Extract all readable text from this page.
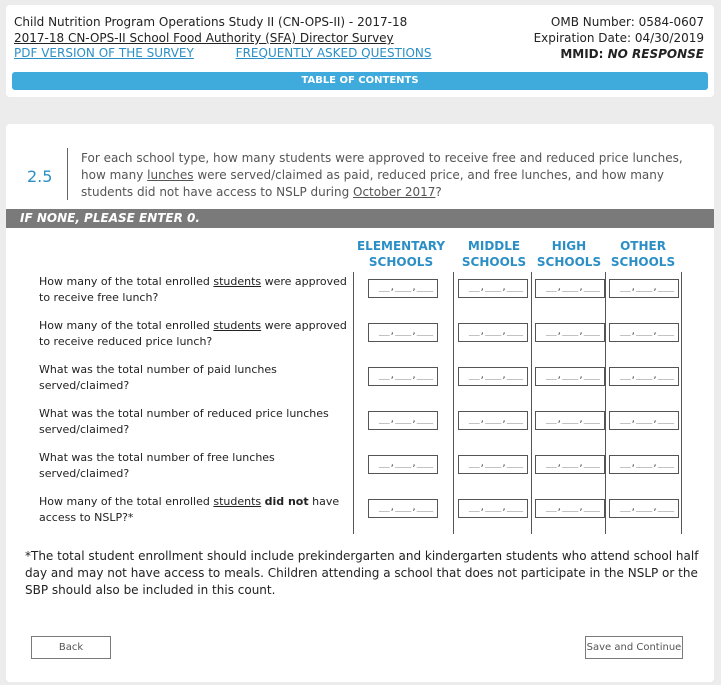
Child Nutrition Program Operations Study II (CN-OPS-II) - 2017-18
2017-18 CN-OPS-II School Food Authority (SFA) Director Survey
PDF VERSION OF THE SURVEY	FREQUENTLY ASKED QUESTIONS
OMB Number: 0584-0607
Expiration Date: 04/30/2019
MMID: NO RESPONSE
TABLE OF CONTENTS
2.5
For each school type, how many students were approved to receive free and reduced price lunches, how many lunches were served/claimed as paid, reduced price, and free lunches, and how many students did not have access to NSLP during October 2017?
IF NONE, PLEASE ENTER 0.
ELEMENTARY
SCHOOLS
MIDDLE
SCHOOLS
HIGH
SCHOOLS
OTHER
SCHOOLS
How many of the total enrolled students were approved to receive free lunch?
__,___,___	__,___,___	__,___,___	__,___,___
How many of the total enrolled students were approved to receive reduced price lunch?
__,___,___	__,___,___	__,___,___	__,___,___
What was the total number of paid lunches served/claimed?
__,___,___	__,___,___	__,___,___	__,___,___
What was the total number of reduced price lunches served/claimed?
__,___,___	__,___,___	__,___,___	__,___,___
What was the total number of free lunches served/claimed?
__,___,___	__,___,___	__,___,___	__,___,___
How many of the total enrolled students did not have access to NSLP?*
__,___,___	__,___,___	__,___,___	__,___,___
*The total student enrollment should include prekindergarten and kindergarten students who attend school half day and may not have access to meals. Children attending a school that does not participate in the NSLP or the SBP should also be included in this count.
Back	Save and Continue
